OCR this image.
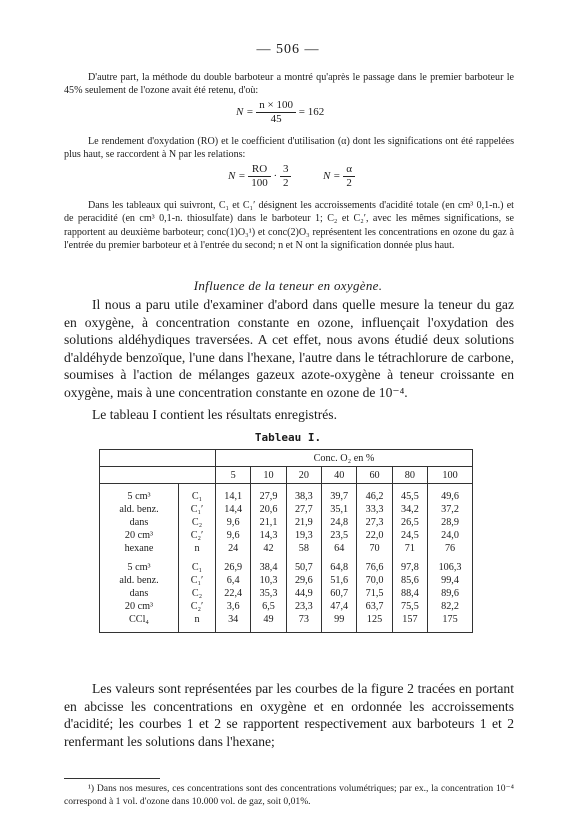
— 506 —

D'autre part, la méthode du double barboteur a montré qu'après le passage dans le premier barboteur le 45% seulement de l'ozone avait été retenu, d'où:

$N = \frac{n \times 100}{45} = 162$

Le rendement d'oxydation (RO) et le coefficient d'utilisation (α) dont les significations ont été rappelées plus haut, se raccordent à N par les relations:

$N = \frac{RO}{100} \cdot \frac{3}{2}$	$N = \frac{\alpha}{2}$

Dans les tableaux qui suivront, C₁ et C₁′ désignent les accroissements d'acidité totale (en cm³ 0,1-n.) et de peracidité (en cm³ 0,1-n. thiosulfate) dans le barboteur 1; C₂ et C₂′, avec les mêmes significations, se rapportent au deuxième barboteur; conc(1)O₃¹) et conc(2)O₃ représentent les concentrations en ozone du gaz à l'entrée du premier barboteur et à l'entrée du second; n et N ont la signification donnée plus haut.

Influence de la teneur en oxygène.

Il nous a paru utile d'examiner d'abord dans quelle mesure la teneur du gaz en oxygène, à concentration constante en ozone, influençait l'oxydation des solutions aldéhydiques traversées. A cet effet, nous avons étudié deux solutions d'aldéhyde benzoïque, l'une dans l'hexane, l'autre dans le tétrachlorure de carbone, soumises à l'action de mélanges gazeux azote-oxygène à teneur croissante en oxygène, mais à une concentration constante en ozone de 10⁻⁴.

Le tableau I contient les résultats enregistrés.

Tableau I.
		Conc. O₂ en %						
		5	10	20	40	60	80	100

5 cm³	C₁	14,1	27,9	38,3	39,7	46,2	45,5	49,6
ald. benz.	C₁′	14,4	20,6	27,7	35,1	33,3	34,2	37,2
dans	C₂	9,6	21,1	21,9	24,8	27,3	26,5	28,9
20 cm³	C₂′	9,6	14,3	19,3	23,5	22,0	24,5	24,0
hexane	n	24	42	58	64	70	71	76

5 cm³	C₁	26,9	38,4	50,7	64,8	76,6	97,8	106,3
ald. benz.	C₁′	6,4	10,3	29,6	51,6	70,0	85,6	99,4
dans	C₂	22,4	35,3	44,9	60,7	71,5	88,4	89,6
20 cm³	C₂′	3,6	6,5	23,3	47,4	63,7	75,5	82,2
CCl₄	n	34	49	73	99	125	157	175

Les valeurs sont représentées par les courbes de la figure 2 tracées en portant en abcisse les concentrations en oxygène et en ordonnée les accroissements d'acidité; les courbes 1 et 2 se rapportent respectivement aux barboteurs 1 et 2 renfermant les solutions dans l'hexane;

¹) Dans nos mesures, ces concentrations sont des concentrations volumétriques; par ex., la concentration 10⁻⁴ correspond à 1 vol. d'ozone dans 10.000 vol. de gaz, soit 0,01%.
